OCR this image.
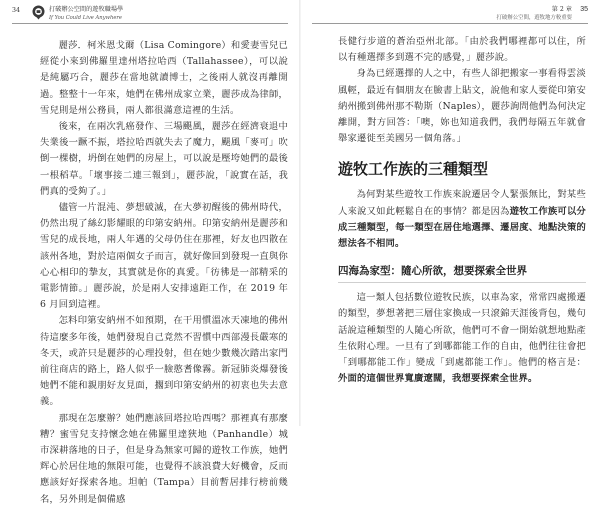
34	打破辦公空間的遊牧職場學
If You Could Live Anywhere

麗莎．柯米恩戈爾（Lisa Comingore）和愛妻雪兒已經從小來到佛羅里達州塔拉哈西（Tallahassee），可以說是純屬巧合，麗莎在當地就讀博士，之後兩人就沒再離開過。整整十一年來，她們在佛州成家立業，麗莎成為律師，雪兒則是州公務員，兩人都很滿意這裡的生活。

後來，在兩次乳癌發作、三場颶風，麗莎在經濟衰退中失業後一蹶不振，塔拉哈西就失去了魔力，颶風「麥可」吹倒一棵樹，坍倒在她們的房屋上，可以說是壓垮她們的最後一根稻草。「壞事接二連三報到」，麗莎說，「說實在話，我們真的受夠了。」

儘管一片混沌、夢想破滅，在大夢初醒後的佛州時代，仍然出現了絲幻影耀眼的印第安納州。印第安納州是麗莎和雪兒的成長地，兩人年邁的父母仍住在那裡，好友也四散在該州各地，對於這兩個女子而言，就好像回到發現一直與你心心相印的摯友，其實就是你的真愛。「彷彿是一部精采的電影情節。」麗莎說，於是兩人安排遠距工作，在 2019 年 6 月回到這裡。

怎料印第安納州不如預期，在干用慣溫冰天凍地的佛州待這麼多年後，她們發現自己竟然不習慣中西部漫長嚴寒的冬天，或許只是麗莎的心理投射，但在她少數幾次踏出家門前往商店的路上，路人似乎一臉憨耆像霧。新冠肺炎爆發後她們不能和親朋好友見面，擱到印第安納州的初衷也失去意義。

那現在怎麼辦？她們應該回塔拉哈西嗎？那裡真有那麼糟？蜜雪兒支持懷念她在佛羅里達狹地（Panhandle）城市深耕落地的日子，但是身為無家可歸的遊牧工作族，她們辉心於居住地的無限可能，也覺得不該浪費大好機會，反而應該好好探索各地。坦帕（Tampa）目前暫居排行榜前幾名，另外則是個備感

第 2 章
打破辦公空間，遊牧地方較重要
35

長健行步道的蒼治亞州北部。「由於我們哪裡都可以住，所以有種選擇多到選不完的感覺，」麗莎說。

身為已經選擇的人之中，有些人卻把搬家一事看得雲淡風輕，最近有個朋友在臉書上貼文，說他和家人要從印第安納州搬到佛州那不勒斯（Naples），麗莎詢問他們為何決定離開，對方回答：「噢，妳也知道我們，我們每隔五年就會舉家遷徙至美國另一個角落。」

遊牧工作族的三種類型

為何對某些遊牧工作族來說遷居令人緊張無比，對某些人來說又如此輕鬆自在的事情？都是因為遊牧工作族可以分成三種類型，每一類型在居住地選擇、遷居度、地點決策的想法各不相同。

四海為家型：隨心所欲，想要探索全世界

這一類人包括數位遊牧民族，以車為家，常常四處搬遷的類型，夢想著把三層住家換成一只滾錦天涯後背包，幾句話說這種類型的人隨心所欲，他們可不會一開始就想地點產生依附心理。一旦有了到哪都能工作的自由，他們往往會把「到哪都能工作」變成「到處都能工作」。他們的格言是：外面的這個世界寬廣遼闊，我想要探索全世界。
